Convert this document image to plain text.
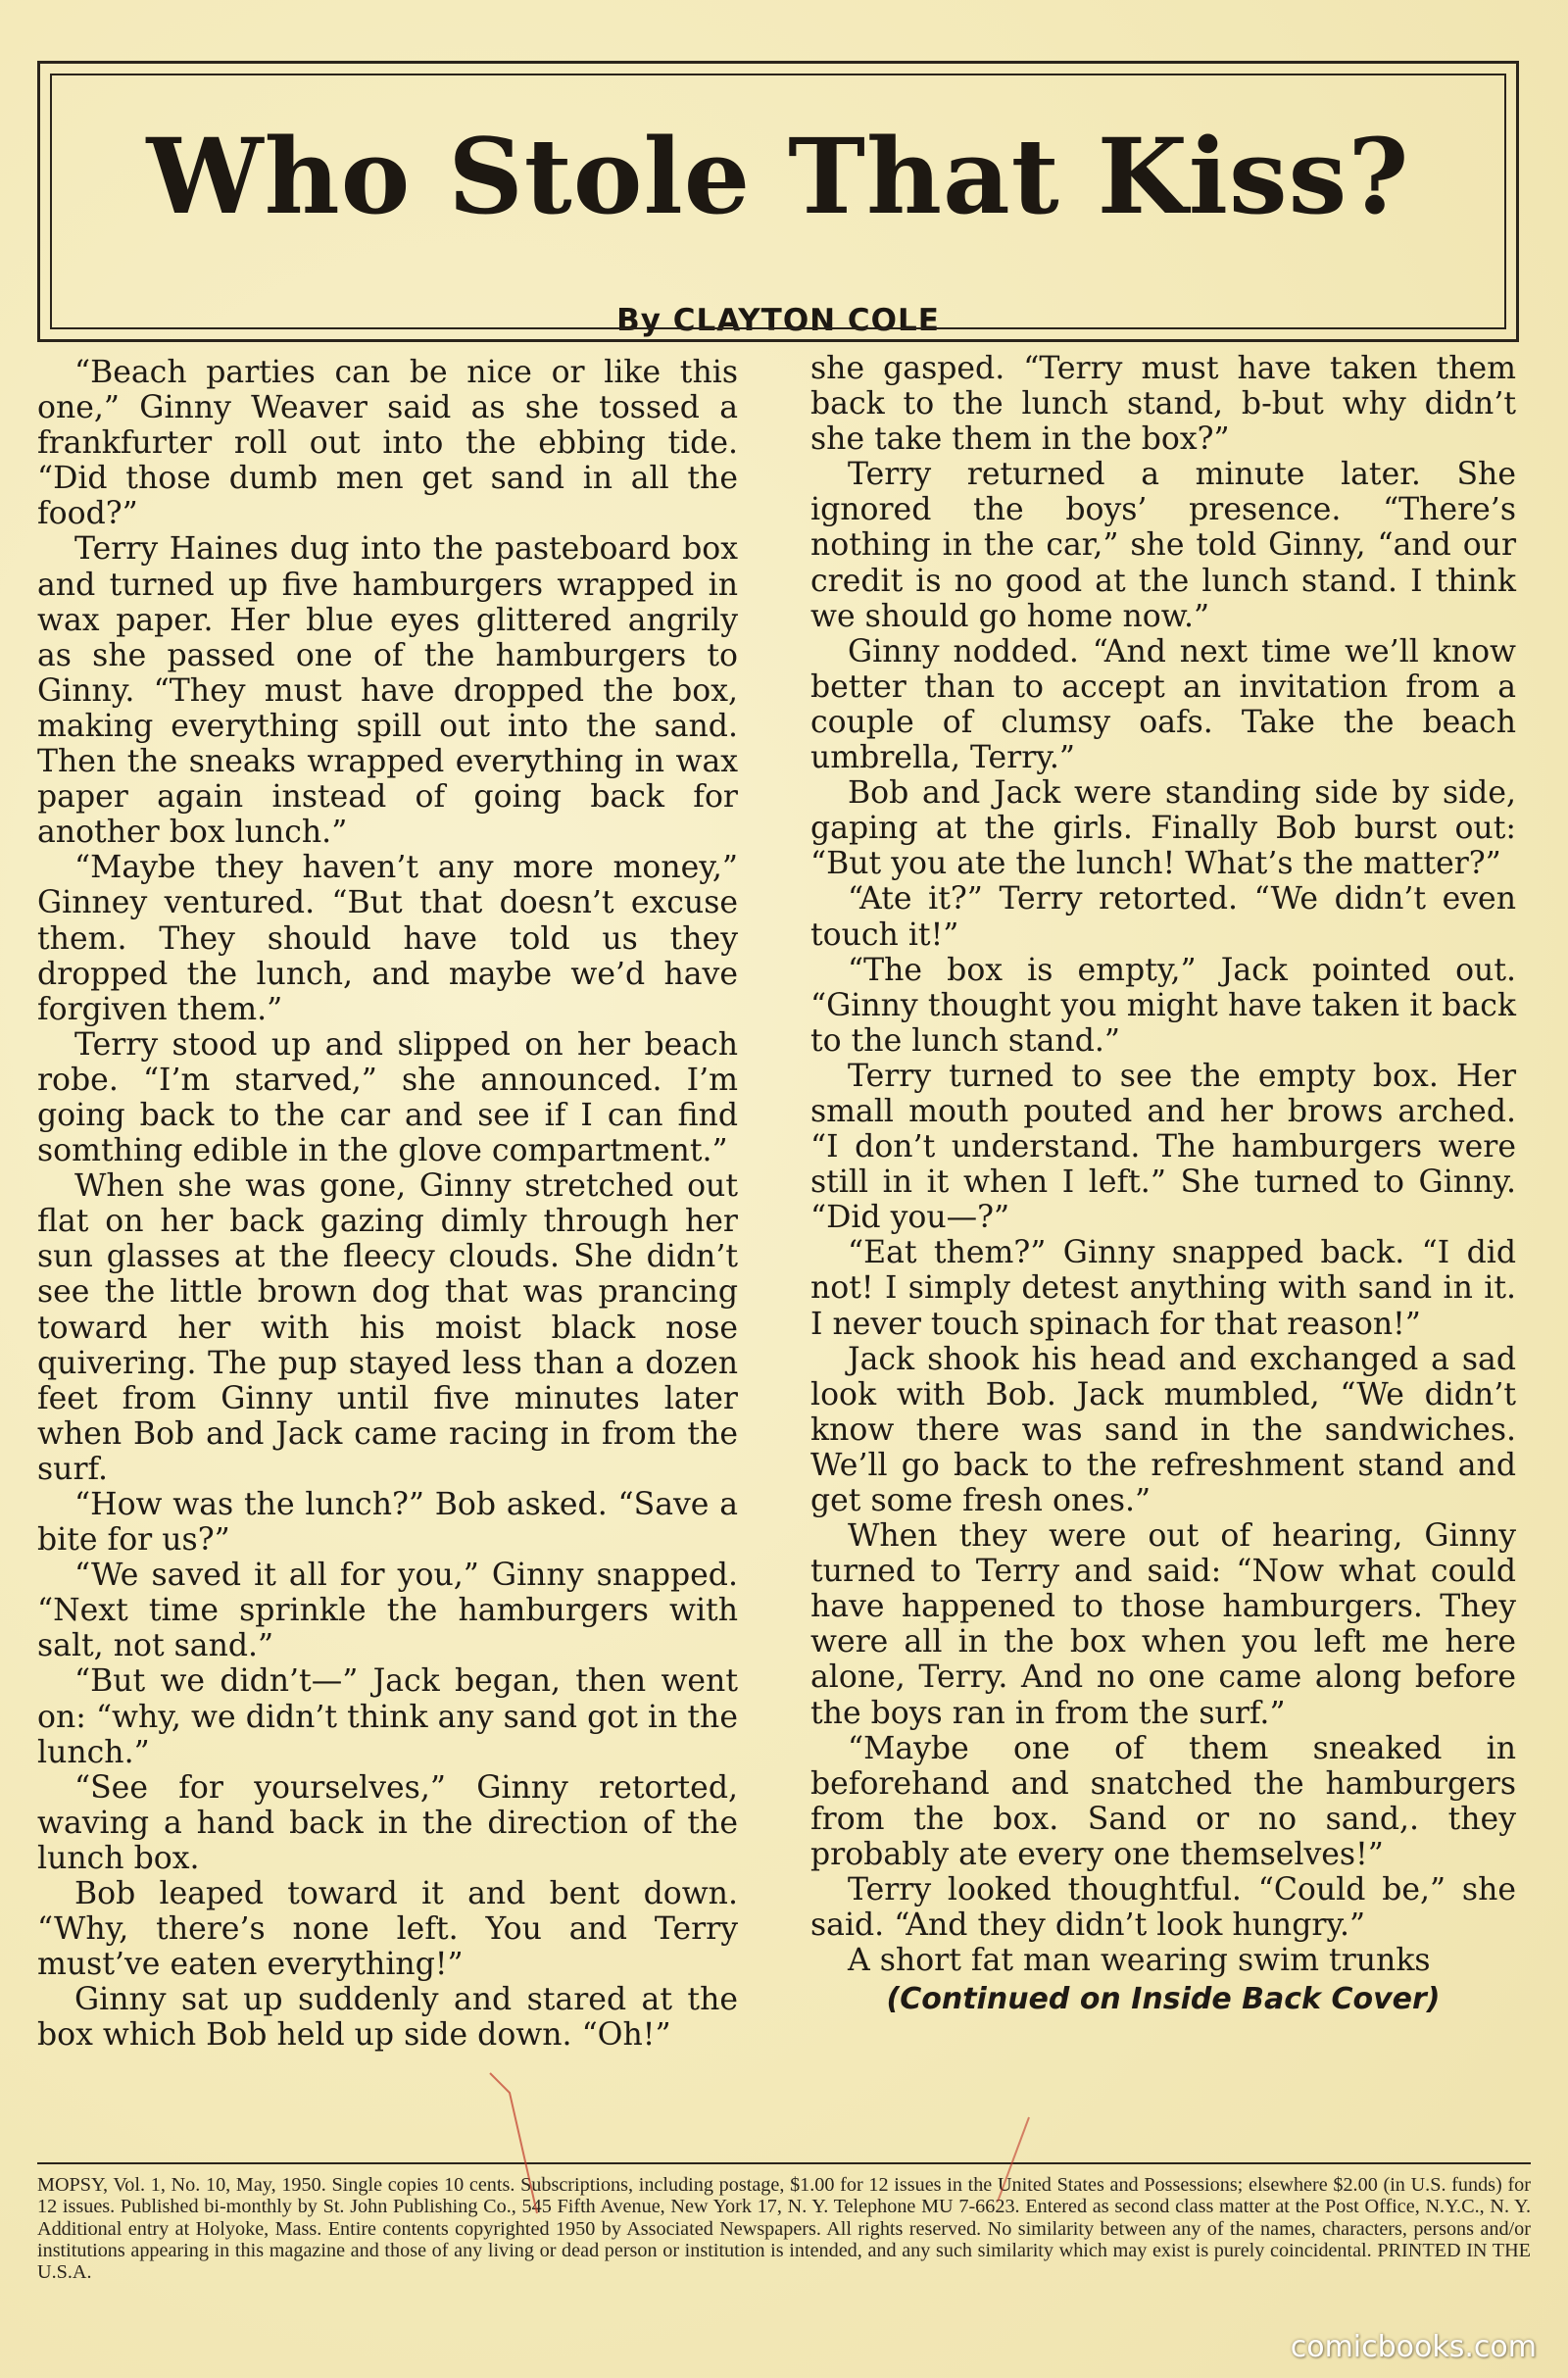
Who Stole That Kiss?
By CLAYTON COLE

“Beach parties can be nice or like this one,” Ginny Weaver said as she tossed a frankfurter roll out into the ebbing tide. “Did those dumb men get sand in all the food?”

Terry Haines dug into the pasteboard box and turned up five hamburgers wrapped in wax paper. Her blue eyes glittered angrily as she passed one of the hamburgers to Ginny. “They must have dropped the box, making everything spill out into the sand. Then the sneaks wrapped everything in wax paper again instead of going back for another box lunch.”

“Maybe they haven’t any more money,” Ginney ventured. “But that doesn’t excuse them. They should have told us they dropped the lunch, and maybe we’d have forgiven them.”

Terry stood up and slipped on her beach robe. “I’m starved,” she announced. I’m going back to the car and see if I can find somthing edible in the glove compartment.”

When she was gone, Ginny stretched out flat on her back gazing dimly through her sun glasses at the fleecy clouds. She didn’t see the little brown dog that was prancing toward her with his moist black nose quivering. The pup stayed less than a dozen feet from Ginny until five minutes later when Bob and Jack came racing in from the surf.

“How was the lunch?” Bob asked. “Save a bite for us?”

“We saved it all for you,” Ginny snapped. “Next time sprinkle the hamburgers with salt, not sand.”

“But we didn’t—” Jack began, then went on: “why, we didn’t think any sand got in the lunch.”

“See for yourselves,” Ginny retorted, waving a hand back in the direction of the lunch box.

Bob leaped toward it and bent down. “Why, there’s none left. You and Terry must’ve eaten everything!”

Ginny sat up suddenly and stared at the box which Bob held up side down. “Oh!”

she gasped. “Terry must have taken them back to the lunch stand, b-but why didn’t she take them in the box?”

Terry returned a minute later. She ignored the boys’ presence. “There’s nothing in the car,” she told Ginny, “and our credit is no good at the lunch stand. I think we should go home now.”

Ginny nodded. “And next time we’ll know better than to accept an invitation from a couple of clumsy oafs. Take the beach umbrella, Terry.”

Bob and Jack were standing side by side, gaping at the girls. Finally Bob burst out: “But you ate the lunch! What’s the matter?”

“Ate it?” Terry retorted. “We didn’t even touch it!”

“The box is empty,” Jack pointed out. “Ginny thought you might have taken it back to the lunch stand.”

Terry turned to see the empty box. Her small mouth pouted and her brows arched. “I don’t understand. The hamburgers were still in it when I left.” She turned to Ginny. “Did you—?”

“Eat them?” Ginny snapped back. “I did not! I simply detest anything with sand in it. I never touch spinach for that reason!”

Jack shook his head and exchanged a sad look with Bob. Jack mumbled, “We didn’t know there was sand in the sandwiches. We’ll go back to the refreshment stand and get some fresh ones.”

When they were out of hearing, Ginny turned to Terry and said: “Now what could have happened to those hamburgers. They were all in the box when you left me here alone, Terry. And no one came along before the boys ran in from the surf.”

“Maybe one of them sneaked in beforehand and snatched the hamburgers from the box. Sand or no sand,. they probably ate every one themselves!”

Terry looked thoughtful. “Could be,” she said. “And they didn’t look hungry.”

A short fat man wearing swim trunks

(Continued on Inside Back Cover)

MOPSY, Vol. 1, No. 10, May, 1950. Single copies 10 cents. Subscriptions, including postage, $1.00 for 12 issues in the United States and Possessions; elsewhere $2.00 (in U.S. funds) for 12 issues. Published bi-monthly by St. John Publishing Co., 545 Fifth Avenue, New York 17, N. Y. Telephone MU 7-6623. Entered as second class matter at the Post Office, N.Y.C., N. Y. Additional entry at Holyoke, Mass. Entire contents copyrighted 1950 by Associated Newspapers. All rights reserved. No similarity between any of the names, characters, persons and/or institutions appearing in this magazine and those of any living or dead person or institution is intended, and any such similarity which may exist is purely coincidental. PRINTED IN THE U.S.A.
comicbooks.com
